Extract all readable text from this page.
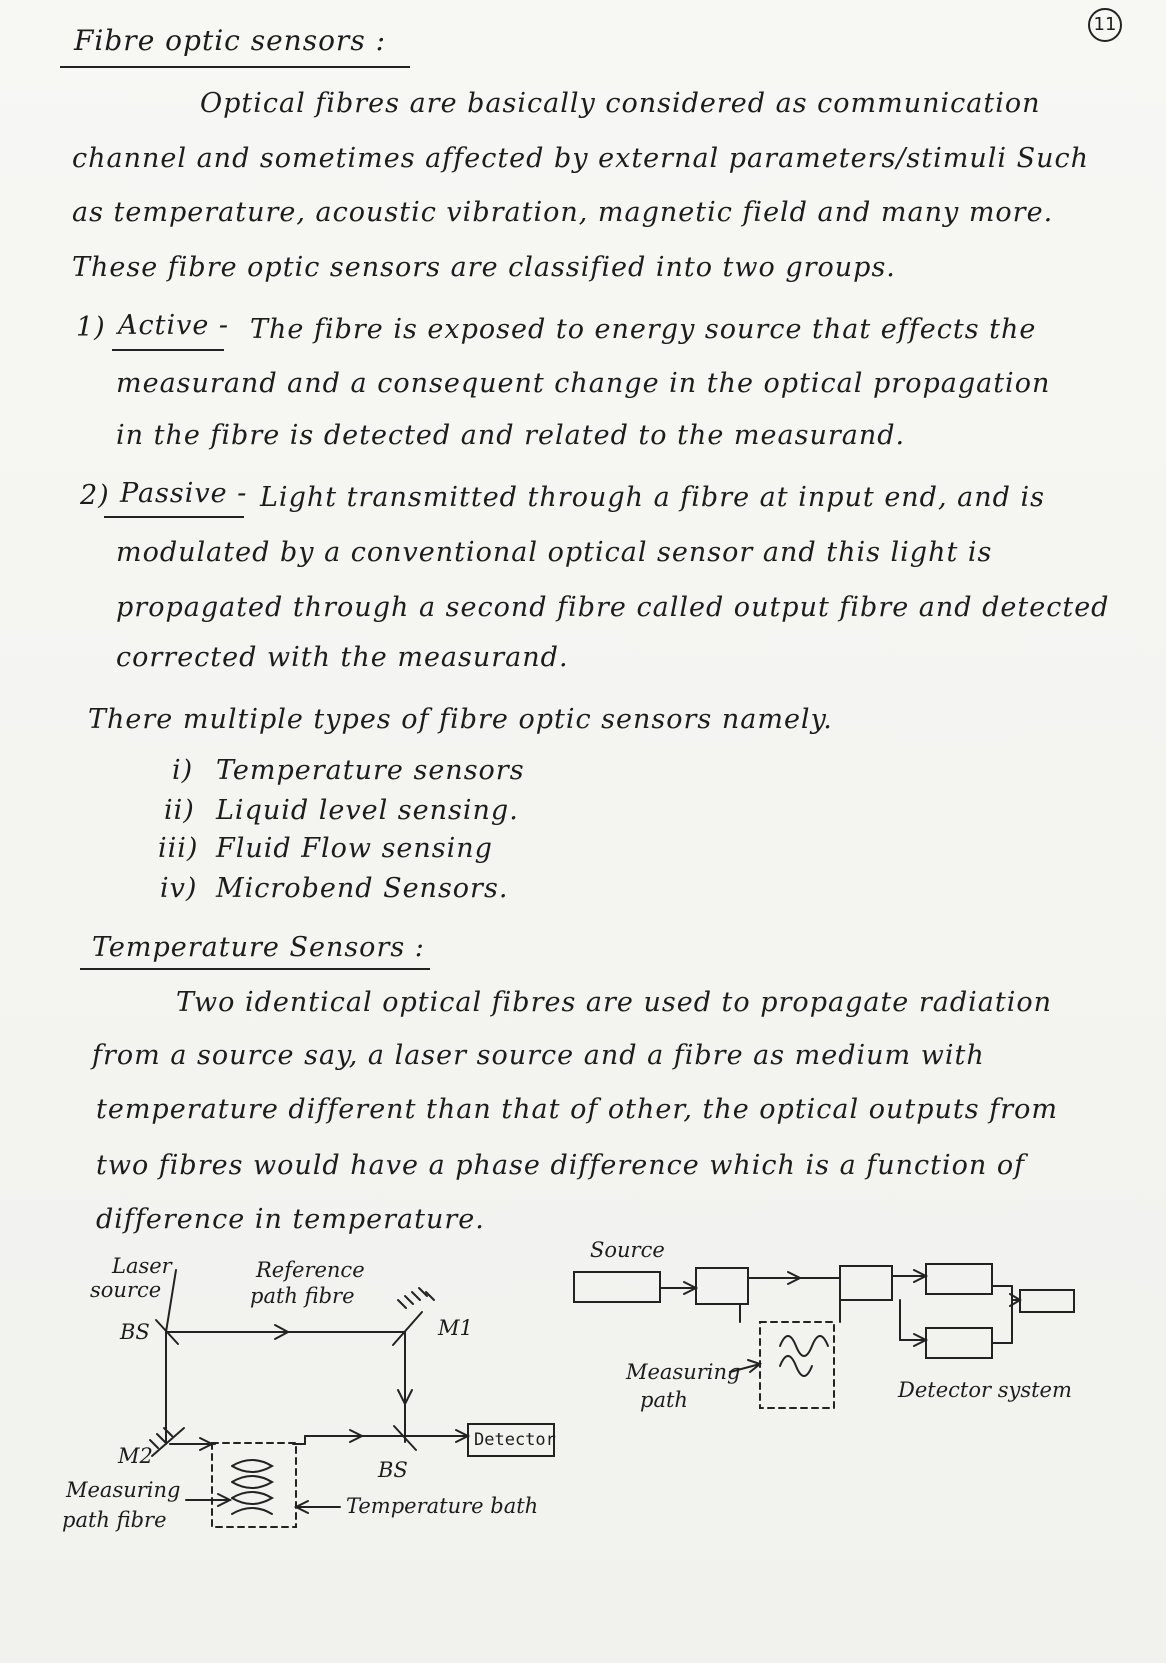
11
Fibre optic sensors :
Optical fibres are basically considered as communication
channel and sometimes affected by external parameters/stimuli Such
as temperature, acoustic vibration, magnetic field and many more.
These fibre optic sensors are classified into two groups.
1) Active - The fibre is exposed to energy source that effects the
measurand and a consequent change in the optical propagation
in the fibre is detected and related to the measurand.
2) Passive - Light transmitted through a fibre at input end, and is
modulated by a conventional optical sensor and this light is
propagated through a second fibre called output fibre and detected
corrected with the measurand.
There multiple types of fibre optic sensors namely.
i) Temperature sensors
ii) Liquid level sensing.
iii) Fluid Flow sensing
iv) Microbend Sensors.
Temperature Sensors :
Two identical optical fibres are used to propagate radiation
from a source say, a laser source and a fibre as medium with
temperature different than that of other, the optical outputs from
two fibres would have a phase difference which is a function of
difference in temperature.
Laser
source
Reference
path fibre
BS	M1
M2
BS
Detector
Measuring
path fibre
Temperature bath
Source
Measuring
path	Detector system
